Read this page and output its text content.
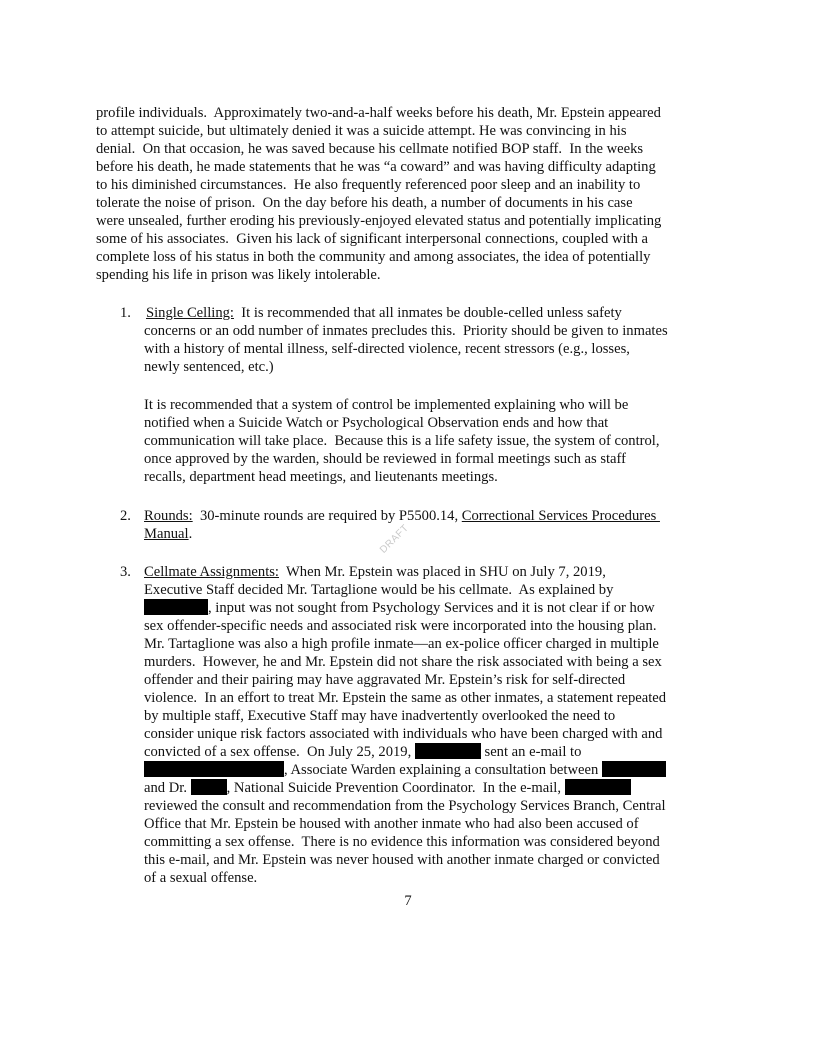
profile individuals.  Approximately two-and-a-half weeks before his death, Mr. Epstein appeared
to attempt suicide, but ultimately denied it was a suicide attempt. He was convincing in his
denial.  On that occasion, he was saved because his cellmate notified BOP staff.  In the weeks
before his death, he made statements that he was “a coward” and was having difficulty adapting
to his diminished circumstances.  He also frequently referenced poor sleep and an inability to
tolerate the noise of prison.  On the day before his death, a number of documents in his case
were unsealed, further eroding his previously-enjoyed elevated status and potentially implicating
some of his associates.  Given his lack of significant interpersonal connections, coupled with a
complete loss of his status in both the community and among associates, the idea of potentially
spending his life in prison was likely intolerable.
1. Single Celling:  It is recommended that all inmates be double-celled unless safety
concerns or an odd number of inmates precludes this.  Priority should be given to inmates
with a history of mental illness, self-directed violence, recent stressors (e.g., losses,
newly sentenced, etc.)
It is recommended that a system of control be implemented explaining who will be
notified when a Suicide Watch or Psychological Observation ends and how that
communication will take place.  Because this is a life safety issue, the system of control,
once approved by the warden, should be reviewed in formal meetings such as staff
recalls, department head meetings, and lieutenants meetings.
2. Rounds:  30-minute rounds are required by P5500.14, Correctional Services Procedures
Manual.
3. Cellmate Assignments:  When Mr. Epstein was placed in SHU on July 7, 2019,
Executive Staff decided Mr. Tartaglione would be his cellmate.  As explained by
, input was not sought from Psychology Services and it is not clear if or how
sex offender-specific needs and associated risk were incorporated into the housing plan.
Mr. Tartaglione was also a high profile inmate—an ex-police officer charged in multiple
murders.  However, he and Mr. Epstein did not share the risk associated with being a sex
offender and their pairing may have aggravated Mr. Epstein’s risk for self-directed
violence.  In an effort to treat Mr. Epstein the same as other inmates, a statement repeated
by multiple staff, Executive Staff may have inadvertently overlooked the need to
consider unique risk factors associated with individuals who have been charged with and
convicted of a sex offense.  On July 25, 2019,	sent an e-mail to
, Associate Warden explaining a consultation between
and Dr. , National Suicide Prevention Coordinator.  In the e-mail,
reviewed the consult and recommendation from the Psychology Services Branch, Central
Office that Mr. Epstein be housed with another inmate who had also been accused of
committing a sex offense.  There is no evidence this information was considered beyond
this e-mail, and Mr. Epstein was never housed with another inmate charged or convicted
of a sexual offense.
DRAFT
7
